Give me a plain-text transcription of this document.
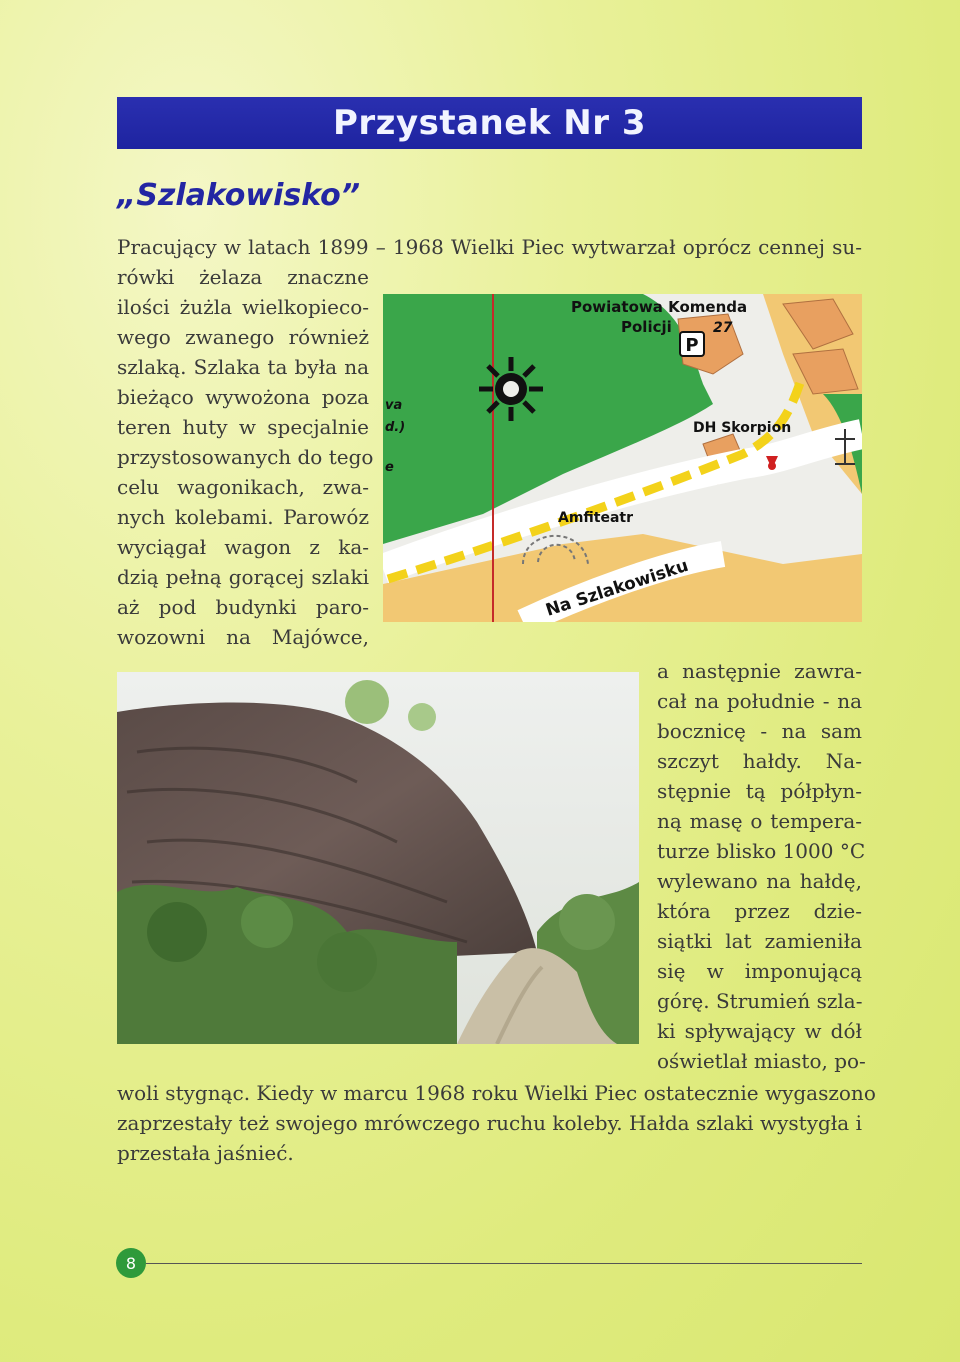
Przystanek Nr 3
„Szlakowisko”
Pracujący w latach 1899 – 1968 Wielki Piec wytwarzał oprócz cennej su-
rówki żelaza znaczne
ilości żużla wielkopieco-
wego zwanego również
szlaką. Szlaka ta była na
bieżąco wywożona poza
teren huty w specjalnie
przystosowanych do tego
celu wagonikach, zwa-
nych kolebami. Parowóz
wyciągał wagon z ka-
dzią pełną gorącej szlaki
aż pod budynki paro-
wozowni na Majówce,
a następnie zawra-
cał na południe - na
bocznicę - na sam
szczyt hałdy. Na-
stępnie tą półpłyn-
ną masę o tempera-
turze blisko 1000 °C
wylewano na hałdę,
która przez dzie-
siątki lat zamieniła
się w imponującą
górę. Strumień szla-
ki spływający w dół
oświetlał miasto, po-
woli stygnąc. Kiedy w marcu 1968 roku Wielki Piec ostatecznie wygaszono
zaprzestały też swojego mrówczego ruchu koleby. Hałda szlaki wystygła i
przestała jaśnieć.
P
Powiatowa Komenda
Policji	27
DH Skorpion
Amfiteatr
Na Szlakowisku
va
d.)
e
8
